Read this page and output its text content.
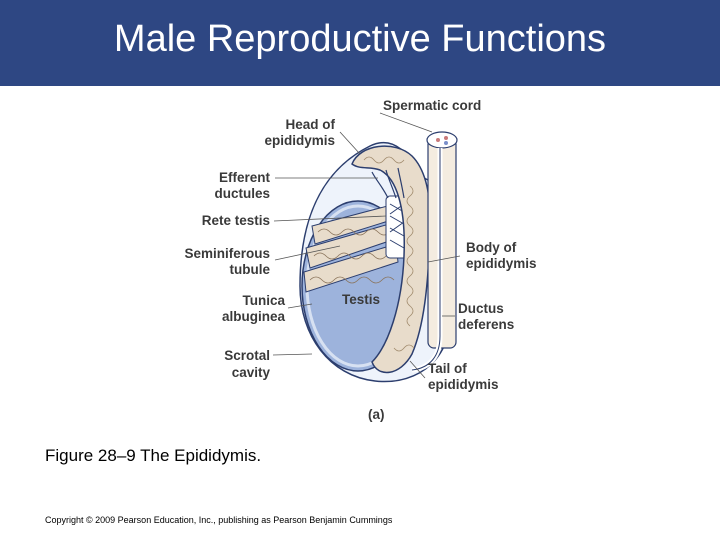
Male Reproductive Functions
Spermatic cord
Head of
epididymis
Efferent
ductules
Rete testis
Seminiferous
tubule
Tunica
albuginea
Testis
Scrotal
cavity
Body of
epididymis
Ductus
deferens
Tail of
epididymis
(a)
Figure 28–9 The Epididymis.
Copyright © 2009 Pearson Education, Inc., publishing as Pearson Benjamin Cummings
